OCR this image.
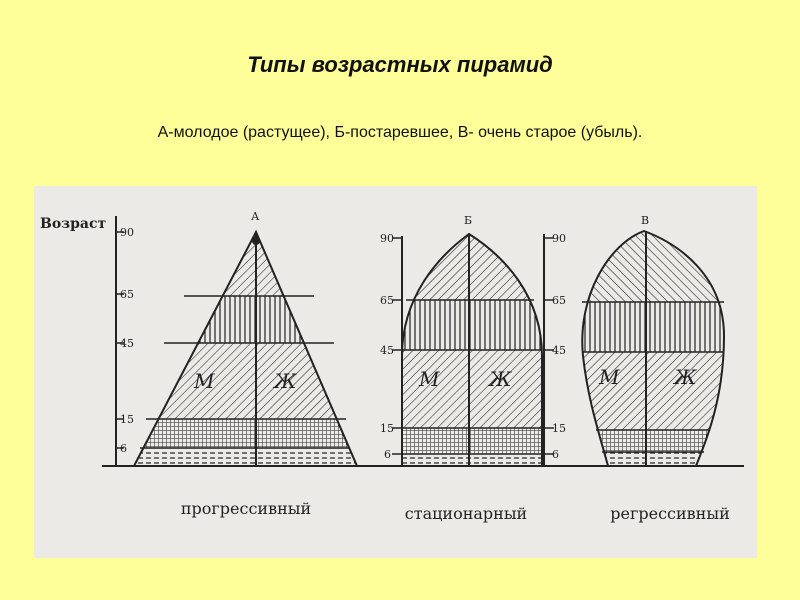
Типы возрастных пирамид
А-молодое (растущее), Б-постаревшее, В- очень старое (убыль).
Возраст
90
65
45
15
6
А
М	Ж
90
65
45
15
6
Б
М Ж
90
65
45
15
6
В
М	Ж
прогрессивный	стационарный	регрессивный
